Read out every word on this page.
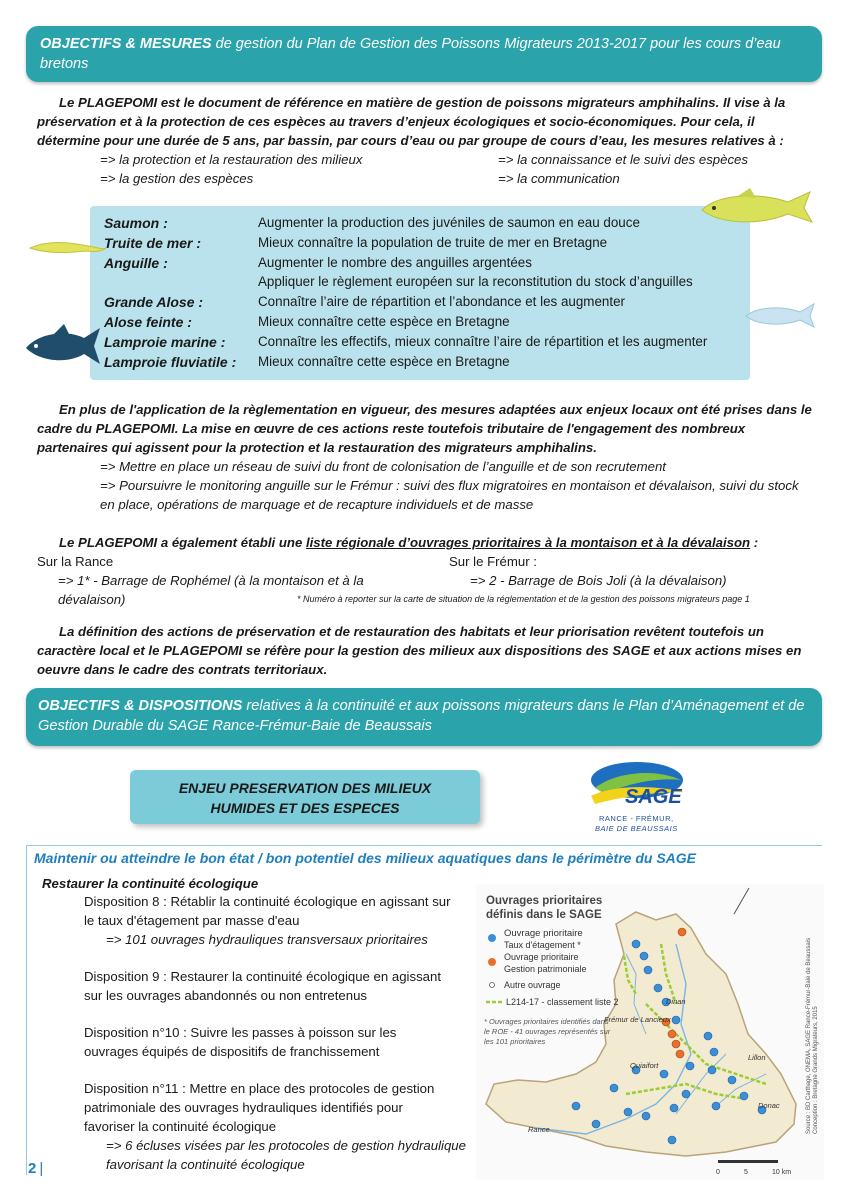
OBJECTIFS & MESURES de gestion du Plan de Gestion des Poissons Migrateurs 2013-2017 pour les cours d’eau bretons
Le PLAGEPOMI est le document de référence en matière de gestion de poissons migrateurs amphihalins. Il vise à la préservation et à la protection de ces espèces au travers d’enjeux écologiques et socio-économiques. Pour cela, il détermine pour une durée de 5 ans, par bassin, par cours d’eau ou par groupe de cours d’eau, les mesures relatives à :
=> la protection et la restauration des milieux	=> la connaissance et le suivi des espèces
=> la gestion des espèces	=> la communication
Saumon :	Augmenter la production des juvéniles de saumon en eau douce
Truite de mer :	Mieux connaître la population de truite de mer en Bretagne
Anguille :	Augmenter le nombre des anguilles argentées
Appliquer le règlement européen sur la reconstitution du stock d’anguilles
Grande Alose :	Connaître l’aire de répartition et l’abondance et les augmenter
Alose feinte :	Mieux connaître cette espèce en Bretagne
Lamproie marine : Connaître les effectifs, mieux connaître l’aire de répartition et les augmenter
Lamproie fluviatile : Mieux connaître cette espèce en Bretagne
En plus de l'application de la règlementation en vigueur, des mesures adaptées aux enjeux locaux ont été prises dans le cadre du PLAGEPOMI. La mise en œuvre de ces actions reste toutefois tributaire de l'engagement des nombreux partenaires qui agissent pour la protection et la restauration des migrateurs amphihalins.
=> Mettre en place un réseau de suivi du front de colonisation de l’anguille et de son recrutement
=> Poursuivre le monitoring anguille sur le Frémur : suivi des flux migratoires en montaison et dévalaison, suivi du stock en place, opérations de marquage et de recapture individuels et de masse
Le PLAGEPOMI a également établi une liste régionale d’ouvrages prioritaires à la montaison et à la dévalaison :
Sur la Rance
=> 1* - Barrage de Rophémel (à la montaison et à la dévalaison)
Sur le Frémur :
=> 2 - Barrage de Bois Joli (à la dévalaison)
* Numéro à reporter sur la carte de situation de la réglementation et de la gestion des poissons migrateurs page 1
La définition des actions de préservation et de restauration des habitats et leur priorisation revêtent toutefois un caractère local et le PLAGEPOMI se réfère pour la gestion des milieux aux dispositions des SAGE et aux actions mises en oeuvre dans le cadre des contrats territoriaux.
OBJECTIFS & DISPOSITIONS relatives à la continuité et aux poissons migrateurs dans le Plan d’Aménagement et de Gestion Durable du SAGE Rance-Frémur-Baie de Beaussais
ENJEU PRESERVATION DES MILIEUX
HUMIDES ET DES ESPECES	SAGE
RANCE - FRÉMUR,
BAIE DE BEAUSSAIS
Maintenir ou atteindre le bon état / bon potentiel des milieux aquatiques dans le périmètre du SAGE
Restaurer la continuité écologique
Disposition 8 : Rétablir la continuité écologique en agissant sur le taux d'étagement par masse d'eau
=> 101 ouvrages hydrauliques transversaux prioritaires
Disposition 9 : Restaurer la continuité écologique en agissant sur les ouvrages abandonnés ou non entretenus
Disposition n°10 : Suivre les passes à poisson sur les ouvrages équipés de dispositifs de franchissement
Disposition n°11 : Mettre en place des protocoles de gestion patrimoniale des ouvrages hydrauliques identifiés pour favoriser la continuité écologique
=> 6 écluses visées par les protocoles de gestion hydraulique favorisant la continuité écologique
Ouvrages prioritaires
définis dans le SAGE
Ouvrage prioritaire
Taux d'étagement *
Ouvrage prioritaire
Gestion patrimoniale
Autre ouvrage
L214-17 - classement liste 2
* Ouvrages prioritaires identifiés dans
le ROE - 41 ouvrages représentés sur
les 101 prioritaires
Frémur de Lancieux
Dinan
Quiaifort
Lillon
Donac
Rance
0	5	10 km
Source : BD Carthage, ONEMA, SAGE Rance-Frémur-Baie de Beaussais Conception : Bretagne Grands Migrateurs, 2015
2 |
